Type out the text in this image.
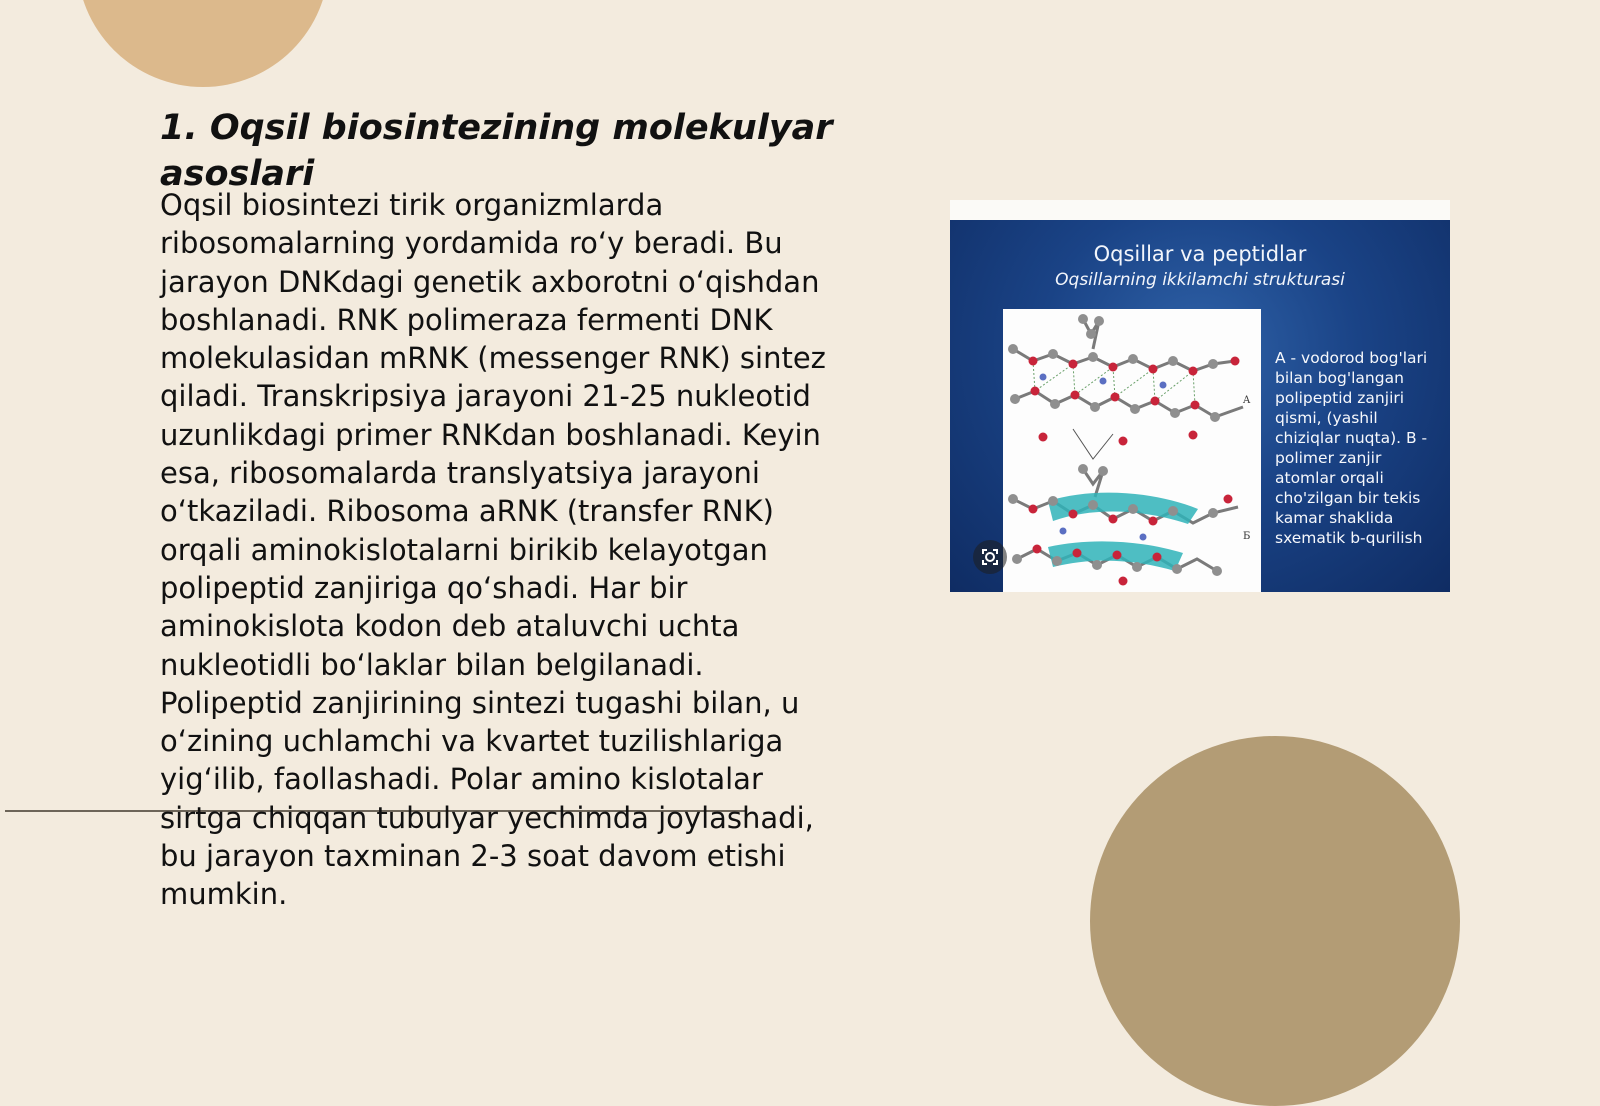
1. Oqsil biosintezining molekulyar asoslari

Oqsil biosintezi tirik organizmlarda ribosomalarning yordamida ro‘y beradi. Bu jarayon DNKdagi genetik axborotni o‘qishdan boshlanadi. RNK polimeraza fermenti DNK molekulasidan mRNK (messenger RNK) sintez qiladi. Transkripsiya jarayoni 21-25 nukleotid uzunlikdagi primer RNKdan boshlanadi. Keyin esa, ribosomalarda translyatsiya jarayoni o‘tkaziladi. Ribosoma aRNK (transfer RNK) orqali aminokislotalarni birikib kelayotgan polipeptid zanjiriga qo‘shadi. Har bir aminokislota kodon deb ataluvchi uchta nukleotidli bo‘laklar bilan belgilanadi. Polipeptid zanjirining sintezi tugashi bilan, u o‘zining uchlamchi va kvartet tuzilishlariga yig‘ilib, faollashadi. Polar amino kislotalar sirtga chiqqan tubulyar yechimda joylashadi, bu jarayon taxminan 2-3 soat davom etishi mumkin.

Oqsillar va peptidlar
Oqsillarning ikkilamchi strukturasi
A
Б
A - vodorod bog'lari bilan bog'langan polipeptid zanjiri qismi, (yashil chiziqlar nuqta). B - polimer zanjir atomlar orqali cho'zilgan bir tekis kamar shaklida sxematik b-qurilish
